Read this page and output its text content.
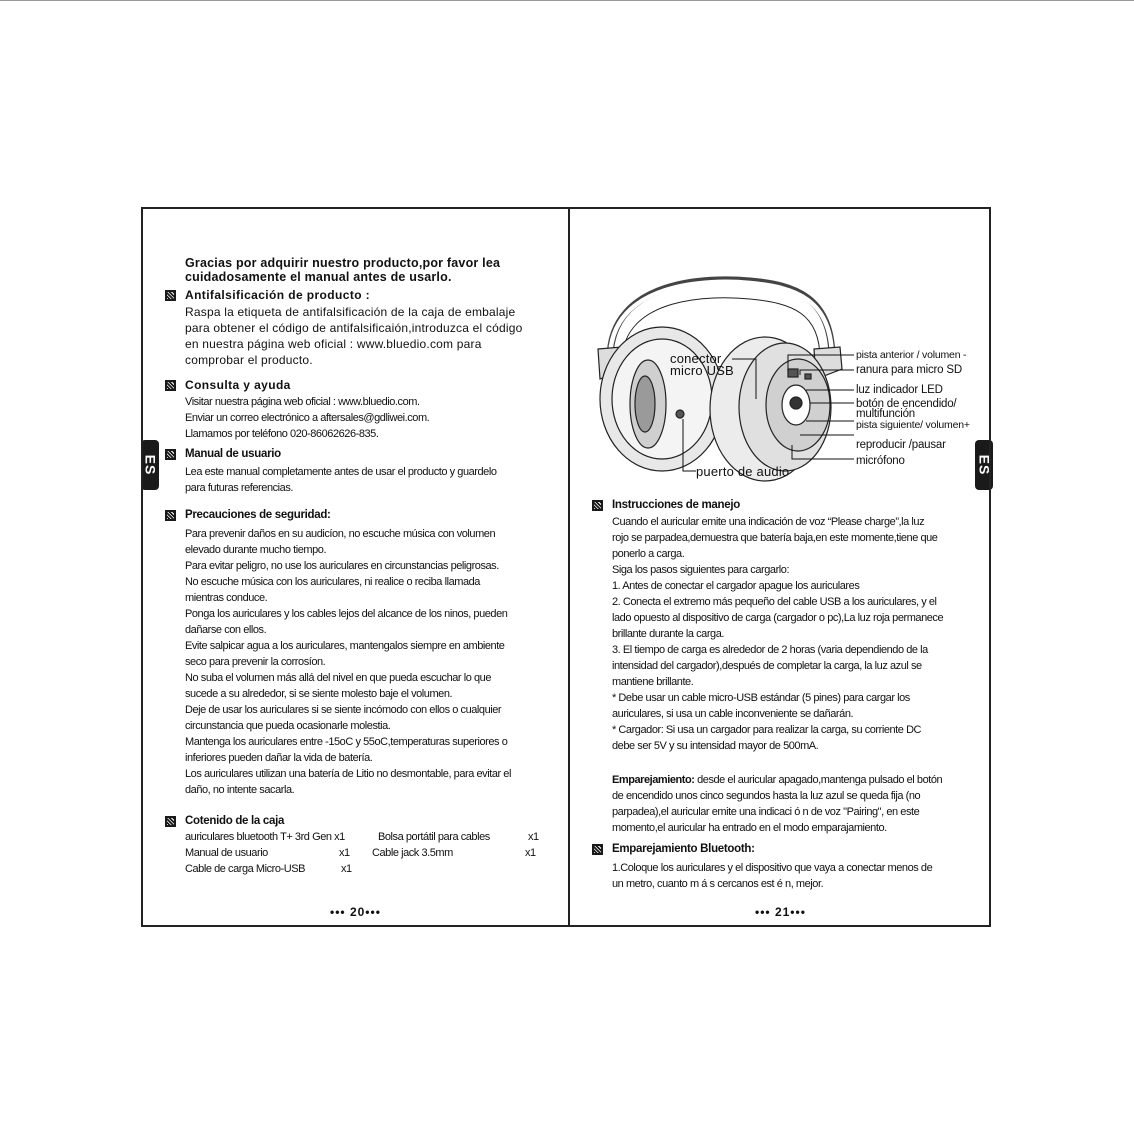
ES	ES
Gracias por adquirir nuestro producto,por favor lea
cuidadosamente el manual antes de usarlo.
Antifalsificación de producto :
Raspa la etiqueta de antifalsificación de la caja de embalaje
para obtener el código de antifalsificaión,introduzca el código
en nuestra página web oficial : www.bluedio.com para
comprobar el producto.
Consulta y ayuda
Visitar nuestra página web oficial : www.bluedio.com.
Enviar un correo electrónico a aftersales@gdliwei.com.
Llamamos por teléfono 020-86062626-835.
Manual de usuario
Lea este manual completamente antes de usar el producto y guardelo
para futuras referencias.
Precauciones de seguridad:
Para prevenir daños en su audicíon, no escuche música con volumen
elevado durante mucho tiempo.
Para evitar peligro, no use los auriculares en circunstancias peligrosas.
No escuche música con los auriculares, ni realice o reciba llamada
mientras conduce.
Ponga los auriculares y los cables lejos del alcance de los ninos, pueden
dañarse con ellos.
Evite salpicar agua a los auriculares, mantengalos siempre en ambiente
seco para prevenir la corrosíon.
No suba el volumen más allá del nivel en que pueda escuchar lo que
sucede a su alrededor, si se siente molesto baje el volumen.
Deje de usar los auriculares si se siente incómodo con ellos o cualquier
circunstancia que pueda ocasionarle molestia.
Mantenga los auriculares entre -15oC y 55oC,temperaturas superiores o
inferiores pueden dañar la vida de batería.
Los auriculares utilizan una batería de Litio no desmontable, para evitar el
daño, no intente sacarla.
Cotenido de la caja
auriculares bluetooth T+ 3rd Gen x1	Bolsa portátil para cables	x1
Manual de usuario	x1 Cable jack 3.5mm	x1
Cable de carga Micro-USB	x1
••• 20•••
conector
micro USB
puerto de audio
pista anterior / volumen -
ranura para micro SD
luz indicador LED
botón de encendido/
multifunción
pista siguiente/ volumen+
reproducir /pausar
micrófono
Instrucciones de manejo
Cuando el auricular emite una indicación de voz “Please charge”,la luz
rojo se parpadea,demuestra que batería baja,en este momente,tiene que
ponerlo a carga.
Siga los pasos siguientes para cargarlo:
1. Antes de conectar el cargador apague los auriculares
2. Conecta el extremo más pequeño del cable USB a los auriculares, y el
lado opuesto al dispositivo de carga (cargador o pc),La luz roja permanece
brillante durante la carga.
3. El tiempo de carga es alrededor de 2 horas (varia dependiendo de la
intensidad del cargador),después de completar la carga, la luz azul se
mantiene brillante.
* Debe usar un cable micro-USB estándar (5 pines) para cargar los
auriculares, si usa un cable inconveniente se dañarán.
* Cargador: Si usa un cargador para realizar la carga, su corriente DC
debe ser 5V y su intensidad mayor de 500mA.
Emparejamiento: desde el auricular apagado,mantenga pulsado el botón
de encendido unos cinco segundos hasta la luz azul se queda fija (no
parpadea),el auricular emite una indicaci ó n de voz "Pairing", en este
momento,el auricular ha entrado en el modo emparajamiento.
Emparejamiento Bluetooth:
1.Coloque los auriculares y el dispositivo que vaya a conectar menos de
un metro, cuanto m á s cercanos est é n, mejor.
••• 21•••
